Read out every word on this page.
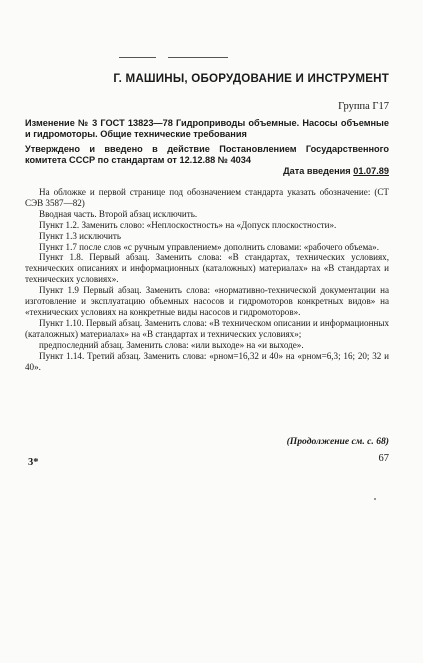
Г. МАШИНЫ, ОБОРУДОВАНИЕ И ИНСТРУМЕНТ
Группа Г17
Изменение № 3 ГОСТ 13823—78 Гидроприводы объемные. Насосы объемные и гидромоторы. Общие технические требования
Утверждено и введено в действие Постановлением Государственного комитета СССР по стандартам от 12.12.88 № 4034
Дата введения 01.07.89

На обложке и первой странице под обозначением стандарта указать обозначение: (СТ СЭВ 3587—82)

Вводная часть. Второй абзац исключить.

Пункт 1.2. Заменить слово: «Неплоскостность» на «Допуск плоскостности».

Пункт 1.3 исключить

Пункт 1.7 после слов «с ручным управлением» дополнить словами: «рабочего объема».

Пункт 1.8. Первый абзац. Заменить слова: «В стандартах, технических условиях, технических описаниях и информационных (каталожных) материалах» на «В стандартах и технических условиях».

Пункт 1.9 Первый абзац. Заменить слова: «нормативно-технической документации на изготовление и эксплуатацию объемных насосов и гидромоторов конкретных видов» на «технических условиях на конкретные виды насосов и гидромоторов».

Пункт 1.10. Первый абзац. Заменить слова: «В техническом описании и информационных (каталожных) материалах» на «В стандартах и технических условиях»;

предпоследний абзац. Заменить слова: «или выходе» на «и выходе».

Пункт 1.14. Третий абзац. Заменить слова: «pном=16,32 и 40» на «pном=6,3; 16; 20; 32 и 40».

(Продолжение см. с. 68)
3*	67
